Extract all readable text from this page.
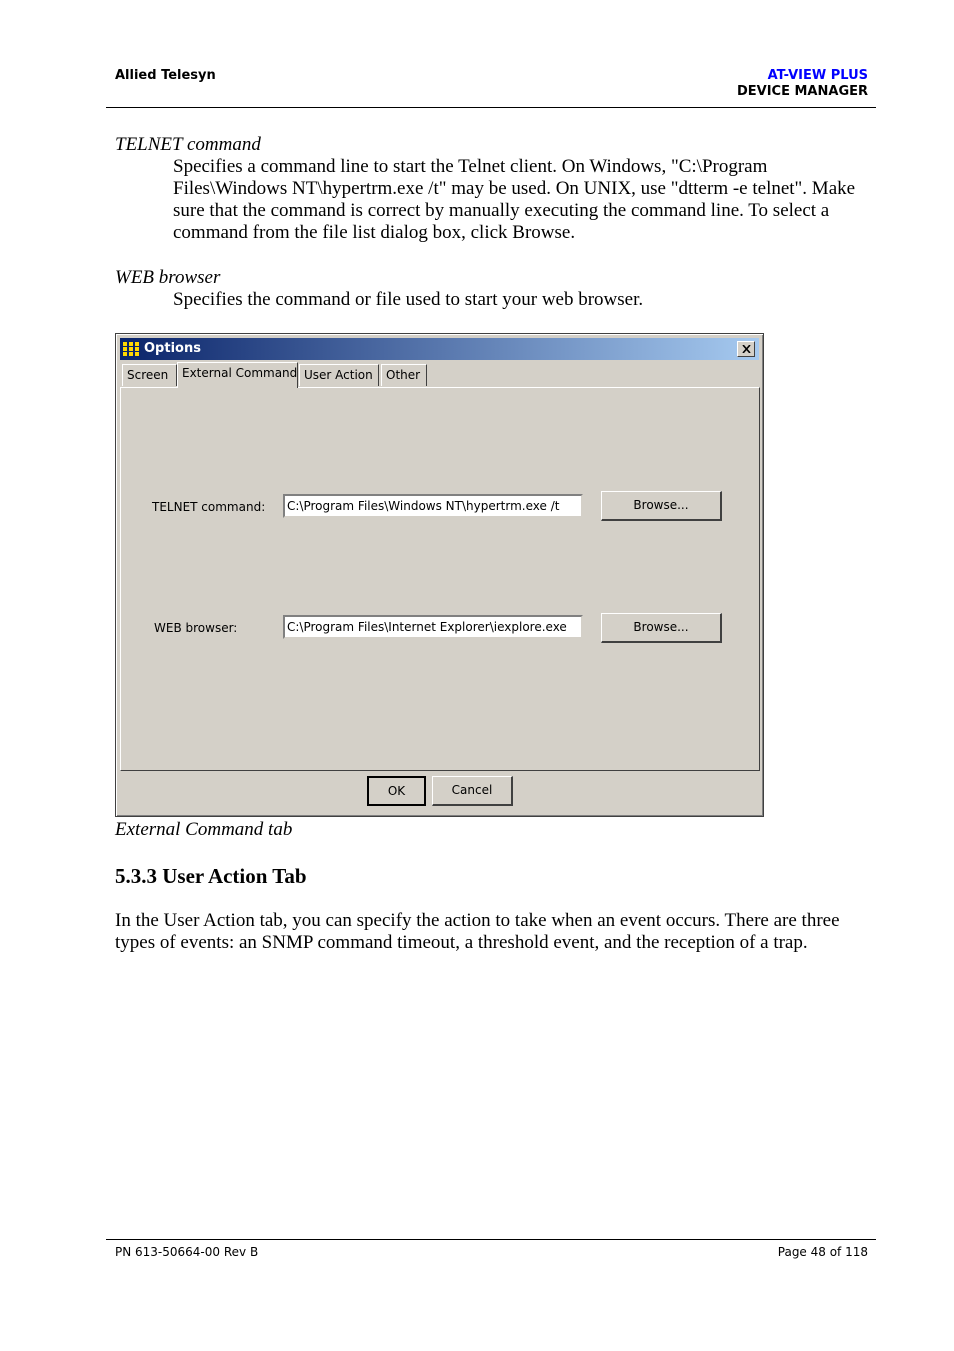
Allied Telesyn	AT-VIEW PLUS
DEVICE MANAGER
TELNET command
Specifies a command line to start the Telnet client. On Windows, "C:\Program
Files\Windows NT\hypertrm.exe /t" may be used. On UNIX, use "dtterm -e telnet". Make
sure that the command is correct by manually executing the command line. To select a
command from the file list dialog box, click Browse.
WEB browser
Specifies the command or file used to start your web browser.
Options
Screen	External Command User Action	Other
TELNET command:	C:\Program Files\Windows NT\hypertrm.exe /t	Browse...
WEB browser:	C:\Program Files\Internet Explorer\iexplore.exe	Browse...
OK	Cancel
External Command tab
5.3.3 User Action Tab
In the User Action tab, you can specify the action to take when an event occurs. There are three
types of events: an SNMP command timeout, a threshold event, and the reception of a trap.
PN 613-50664-00 Rev B	Page 48 of 118
